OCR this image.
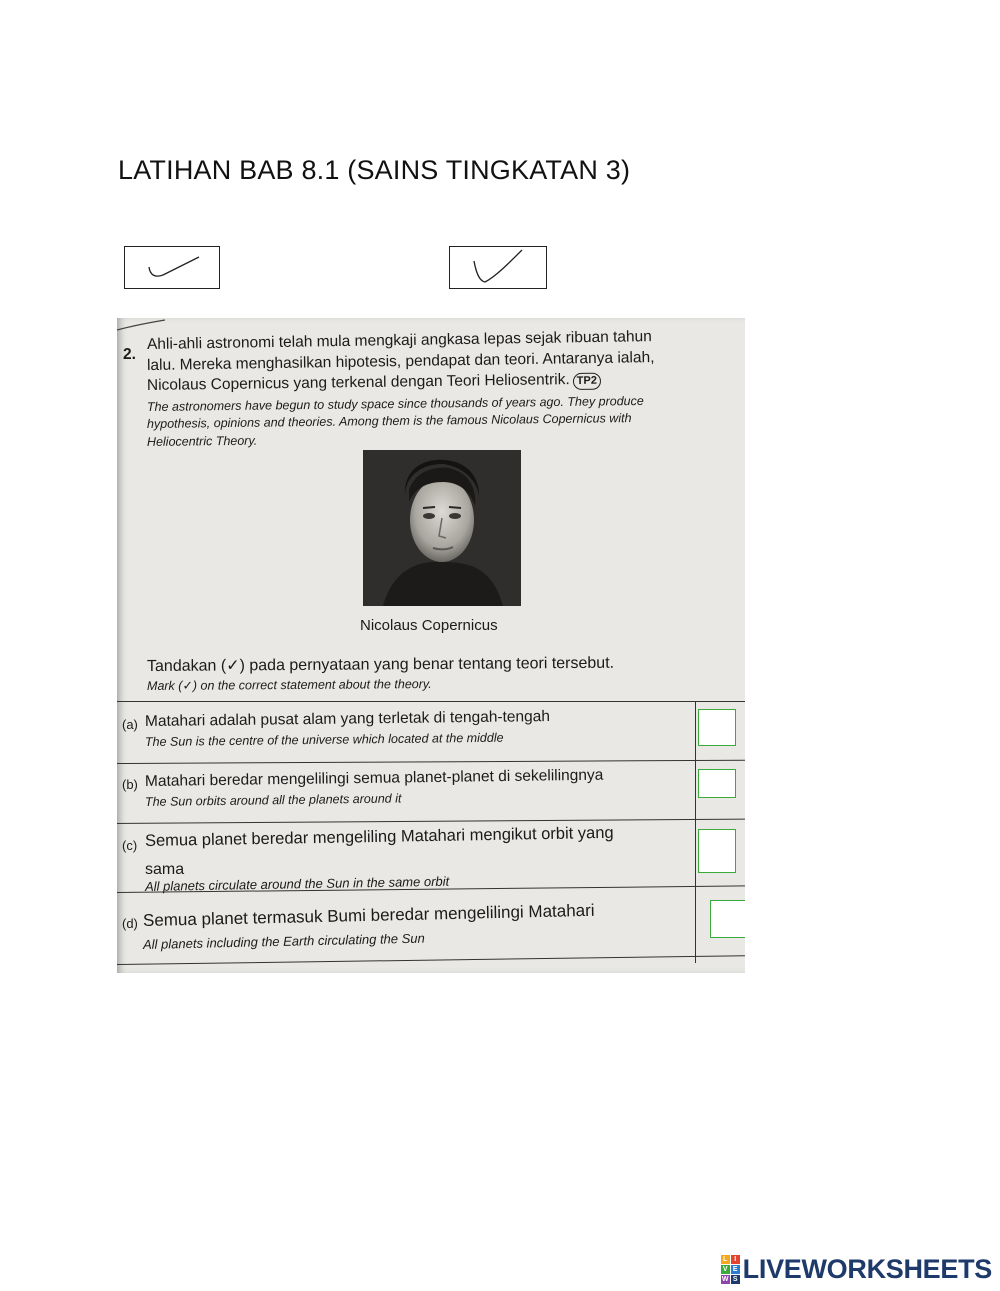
LATIHAN BAB 8.1 (SAINS TINGKATAN 3)
2.
Ahli-ahli astronomi telah mula mengkaji angkasa lepas sejak ribuan tahun
lalu. Mereka menghasilkan hipotesis, pendapat dan teori. Antaranya ialah,
Nicolaus Copernicus yang terkenal dengan Teori Heliosentrik. TP2
The astronomers have begun to study space since thousands of years ago. They produce
hypothesis, opinions and theories. Among them is the famous Nicolaus Copernicus with
Heliocentric Theory.
Nicolaus Copernicus
Tandakan (✓) pada pernyataan yang benar tentang teori tersebut.
Mark (✓) on the correct statement about the theory.
(a) Matahari adalah pusat alam yang terletak di tengah-tengah
The Sun is the centre of the universe which located at the middle
(b) Matahari beredar mengelilingi semua planet-planet di sekelilingnya
The Sun orbits around all the planets around it
(c) Semua planet beredar mengeliling Matahari mengikut orbit yang
sama
All planets circulate around the Sun in the same orbit
(d) Semua planet termasuk Bumi beredar mengelilingi Matahari
All planets including the Earth circulating the Sun
L I
V E
W S LIVEWORKSHEETS
